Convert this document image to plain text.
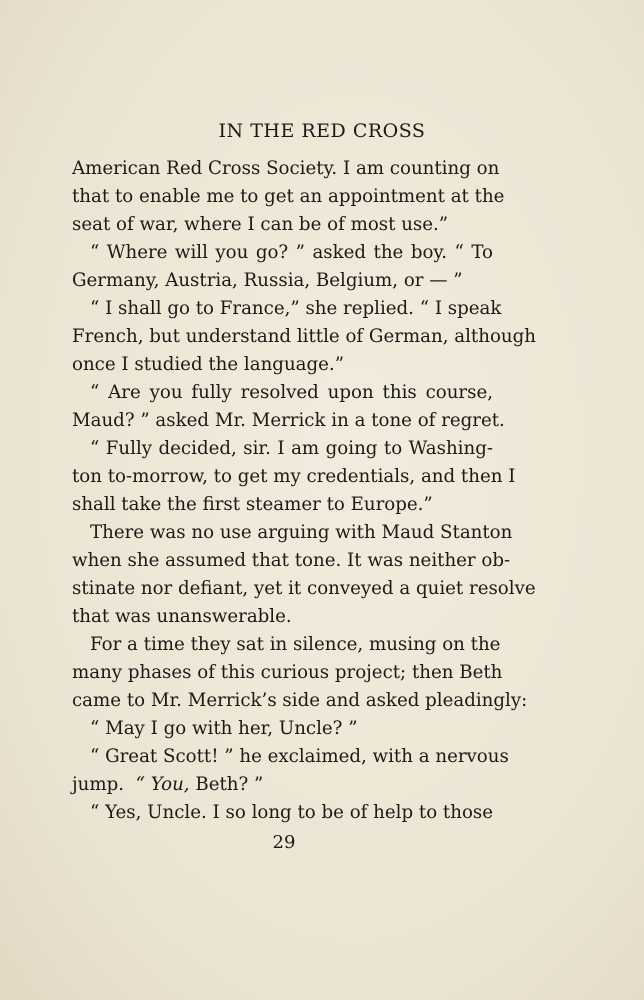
IN THE RED CROSS

American Red Cross Society. I am counting on

that to enable me to get an appointment at the

seat of war, where I can be of most use.”

“ Where will you go? ” asked the boy. “ To

Germany, Austria, Russia, Belgium, or — ”

“ I shall go to France,” she replied. “ I speak

French, but understand little of German, although

once I studied the language.”

“ Are you fully resolved upon this course,

Maud? ” asked Mr. Merrick in a tone of regret.

“ Fully decided, sir. I am going to Washing-

ton to-morrow, to get my credentials, and then I

shall take the first steamer to Europe.”

There was no use arguing with Maud Stanton

when she assumed that tone. It was neither ob-

stinate nor defiant, yet it conveyed a quiet resolve

that was unanswerable.

For a time they sat in silence, musing on the

many phases of this curious project; then Beth

came to Mr. Merrick’s side and asked pleadingly:

“ May I go with her, Uncle? ”

“ Great Scott! ” he exclaimed, with a nervous

jump. “ You, Beth? ”

“ Yes, Uncle. I so long to be of help to those

29
